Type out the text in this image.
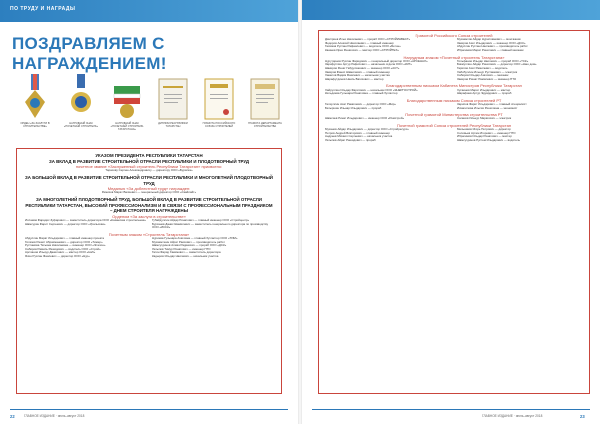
ПО ТРУДУ И НАГРАДЫ
ПОЗДРАВЛЯЕМ С НАГРАЖДЕНИЕМ!
ОРДЕН «ЗА ЗАСЛУГИ В СТРОИТЕЛЬСТВЕ»
НАГРУДНЫЙ ЗНАК «ПОЧЕТНЫЙ СТРОИТЕЛЬ»
НАГРУДНЫЙ ЗНАК «ПОЧЕТНЫЙ СТРОИТЕЛЬ ТАТАРСТАНА»
ДИПЛОМ РЕСПУБЛИКИ ТАТАРСТАН
ГРАМОТА РОССИЙСКОГО СОЮЗА СТРОИТЕЛЕЙ
ГРАМОТА ДЕПАРТАМЕНТА СТРОИТЕЛЬСТВА
УКАЗОМ ПРЕЗИДЕНТА РЕСПУБЛИКИ ТАТАРСТАН
ЗА ВКЛАД В РАЗВИТИЕ СТРОИТЕЛЬНОЙ ОТРАСЛИ РЕСПУБЛИКИ И ПЛОДОТВОРНЫЙ ТРУД
почетное звание «Заслуженный строитель Республики Татарстан» присвоено:
Тарасову Сергею Александровичу — директору ООО «Бурилка»
ЗА БОЛЬШОЙ ВКЛАД В РАЗВИТИЕ СТРОИТЕЛЬНОЙ ОТРАСЛИ РЕСПУБЛИКИ И МНОГОЛЕТНИЙ ПЛОДОТВОРНЫЙ ТРУД
Медалью «За доблестный труд» награжден:
Ремизов Марат Валиевич — генеральный директор ООО «Скайлайт»
ЗА МНОГОЛЕТНИЙ ПЛОДОТВОРНЫЙ ТРУД, БОЛЬШОЙ ВКЛАД В РАЗВИТИЕ СТРОИТЕЛЬНОЙ ОТРАСЛИ РЕСПУБЛИКИ ТАТАРСТАН, ВЫСОКИЙ ПРОФЕССИОНАЛИЗМ И В СВЯЗИ С ПРОФЕССИОНАЛЬНЫМ ПРАЗДНИКОМ – ДНЕМ СТРОИТЕЛЯ НАГРАЖДЕНЫ
Орденом «За заслуги в строительстве»
Исламов Фарадис Зуфарович — заместитель директора ООО «Казанская строительная»
Шамсурин Фарит Сергеевич — директор ООО «Уральская»
Губайдуллин Айдар Ринатович — главный инженер ООО «Стройцентр»
Бурханов Данис Шамилевич — заместитель генерального директора по производству ООО «ИКСК»
Почетным знаком «Строитель Татарстана»
Абдуллин Марат Ильдарович — главный инженер проекта
Гилязов Рашит Абрахманович — директор ООО «Тимер»
Рустамова Татьяна Николаевна — инженер ООО «Эталон»
Сабиров Рамиль Рашидович — водитель ООО «Строй»
Арсланов Ильнур Данилович — мастер ООО «Наб»
Яхин Руслан Фаилевич — директор ООО «Нур»
Нуриева Гульнара Ахатовна — главный бухгалтер ООО «ТИМ»
Мухаметшин Айрат Раисович — производитель работ
Шамсутдинов Алмаз Радикович — прораб ООО «ДСК»
Латыпов Тимур Ринатович — инженер ПТО
Гатин Фарид Хакимович — заместитель директора
Кадыров Ильдар Наилевич — начальник участка
22	ГЛАВНОЕ ИЗДАНИЕ · июль–август 2018
Грамотой Российского Союза строителей
Дмитриев Илья Николаевич — прораб ООО «СТРОЙИНВЕСТ»
Федоров Алексей Николаевич — главный инженер
Гасимов Руслан Рафаилевич — водитель ООО «Бетон»
Каюмов Ирек Ренатович — мастер ООО «СТРОЙТЕХ»
Мухаметов Айдар Нурисламович — монтажник
Закиров Азат Ильдарович — инженер ООО «ДСК»
Абдуллин Руслан Наилевич — производитель работ
Ибрагимов Марат Ринатович — главный механик
Нагрудным знаком «Почетный строитель Татарстана»
Нурутдинов Руслан Фаридович — генеральный директор ООО «АРСЕНАЛ»
Зарифуллин Артур Рафисович — начальник отдела ООО «КИТ»
Шакиров Ренат Габдулхакович — инженер ООО «АСТ»
Закиров Фанис Шамилевич — главный инженер
Хаметов Вадим Фаилевич — начальник участка
Шарафутдинов Наиль Вагизович — мастер
Гильфанов Ильдар Наилевич — прораб ООО «ТСК»
Бикмуллин Айдар Ринатович — директор ООО «Наш дом»
Гарипов Азат Рамилевич — водитель
Хабибуллин Ильнур Рустамович — электрик
Сабиров Ильдар Азатович — механик
Закиров Ришат Рамилевич — инженер ПТО
Благодарственным письмом Кабинета Министров Республики Татарстан
Хайруллин Ильдар Фаритович — начальник ООО «ЭНЕРГОСТРОЙ»
Кильдиева Гульнара Ринатовна — главный бухгалтер
Хусаинов Марат Ильдарович — мастер
Шарафиев Артур Эдуардович — прораб
Благодарственным письмом Союза строителей РТ
Галиуллин Азат Рамилевич — директор ООО «Мир»
Батыршин Ильнар Ильдарович — прораб
Зарипов Фарит Ильдарович — главный специалист
Исмагилова Ильсия Ринатовна — экономист
Почетной грамотой Министерства строительства РТ
Шамсиев Ринат Ильдарович — инженер ООО «Ремстрой»	Салахов Ильнур Маратович — электрик
Почетной грамотой Союза строителей Республики Татарстан
Муханов Айдар Ильдарович — директор ООО «Стройресурс»
Петров Андрей Викторович — главный инженер
Андреев Михаил Сергеевич — начальник участка
Латыпов Айрат Рашидович — прораб
Мельников Игорь Петрович — директор
Соловьев Артем Игоревич — инженер ПТО
Ибрагимов Ильдар Ринатович — мастер
Шамсутдинов Рустем Ильдарович — водитель
ГЛАВНОЕ ИЗДАНИЕ · июль–август 2018	23
